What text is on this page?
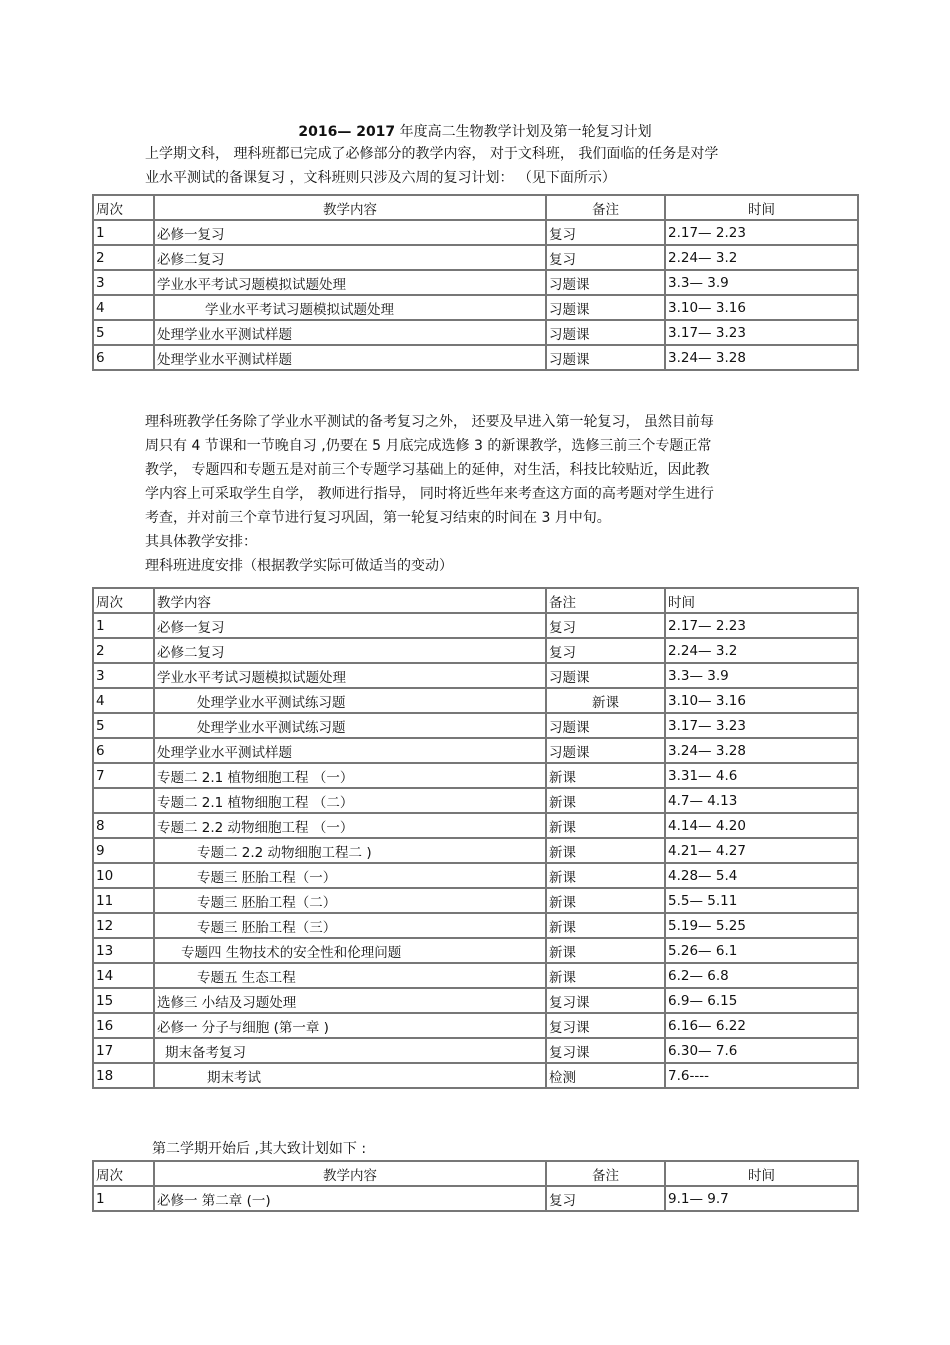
2016— 2017 年度高二生物教学计划及第一轮复习计划
上学期文科， 理科班都已完成了必修部分的教学内容， 对于文科班， 我们面临的任务是对学
业水平测试的备课复习 ，文科班则只涉及六周的复习计划： （见下面所示）
周次	教学内容	备注	时间
1	必修一复习	复习	2.17— 2.23
2	必修二复习	复习	2.24— 3.2
3	学业水平考试习题模拟试题处理	习题课	3.3— 3.9
4	学业水平考试习题模拟试题处理	习题课	3.10— 3.16
5	处理学业水平测试样题	习题课	3.17— 3.23
6	处理学业水平测试样题	习题课	3.24— 3.28
理科班教学任务除了学业水平测试的备考复习之外， 还要及早进入第一轮复习， 虽然目前每
周只有 4 节课和一节晚自习 ,仍要在 5 月底完成选修 3 的新课教学，选修三前三个专题正常
教学， 专题四和专题五是对前三个专题学习基础上的延伸，对生活，科技比较贴近，因此教
学内容上可采取学生自学， 教师进行指导， 同时将近些年来考查这方面的高考题对学生进行
考查，并对前三个章节进行复习巩固，第一轮复习结束的时间在 3 月中旬。
其具体教学安排：
理科班进度安排（根据教学实际可做适当的变动）
周次	教学内容	备注	时间
1	必修一复习	复习	2.17— 2.23
2	必修二复习	复习	2.24— 3.2
3	学业水平考试习题模拟试题处理	习题课	3.3— 3.9
4	处理学业水平测试练习题	新课	3.10— 3.16
5	处理学业水平测试练习题	习题课	3.17— 3.23
6	处理学业水平测试样题	习题课	3.24— 3.28
7	专题二 2.1 植物细胞工程 （一）	新课	3.31— 4.6
	专题二 2.1 植物细胞工程 （二）	新课	4.7— 4.13
8	专题二 2.2 动物细胞工程 （一）	新课	4.14— 4.20
9	专题二 2.2 动物细胞工程二 )	新课	4.21— 4.27
10	专题三 胚胎工程（一）	新课	4.28— 5.4
11	专题三 胚胎工程（二）	新课	5.5— 5.11
12	专题三 胚胎工程（三）	新课	5.19— 5.25
13	专题四 生物技术的安全性和伦理问题	新课	5.26— 6.1
14	专题五 生态工程	新课	6.2— 6.8
15	选修三 小结及习题处理	复习课	6.9— 6.15
16	必修一 分子与细胞 (第一章 )	复习课	6.16— 6.22
17	期末备考复习	复习课	6.30— 7.6
18	期末考试	检测	7.6----
第二学期开始后 ,其大致计划如下 :
周次	教学内容	备注	时间
1	必修一 第二章 (一)	复习	9.1— 9.7
